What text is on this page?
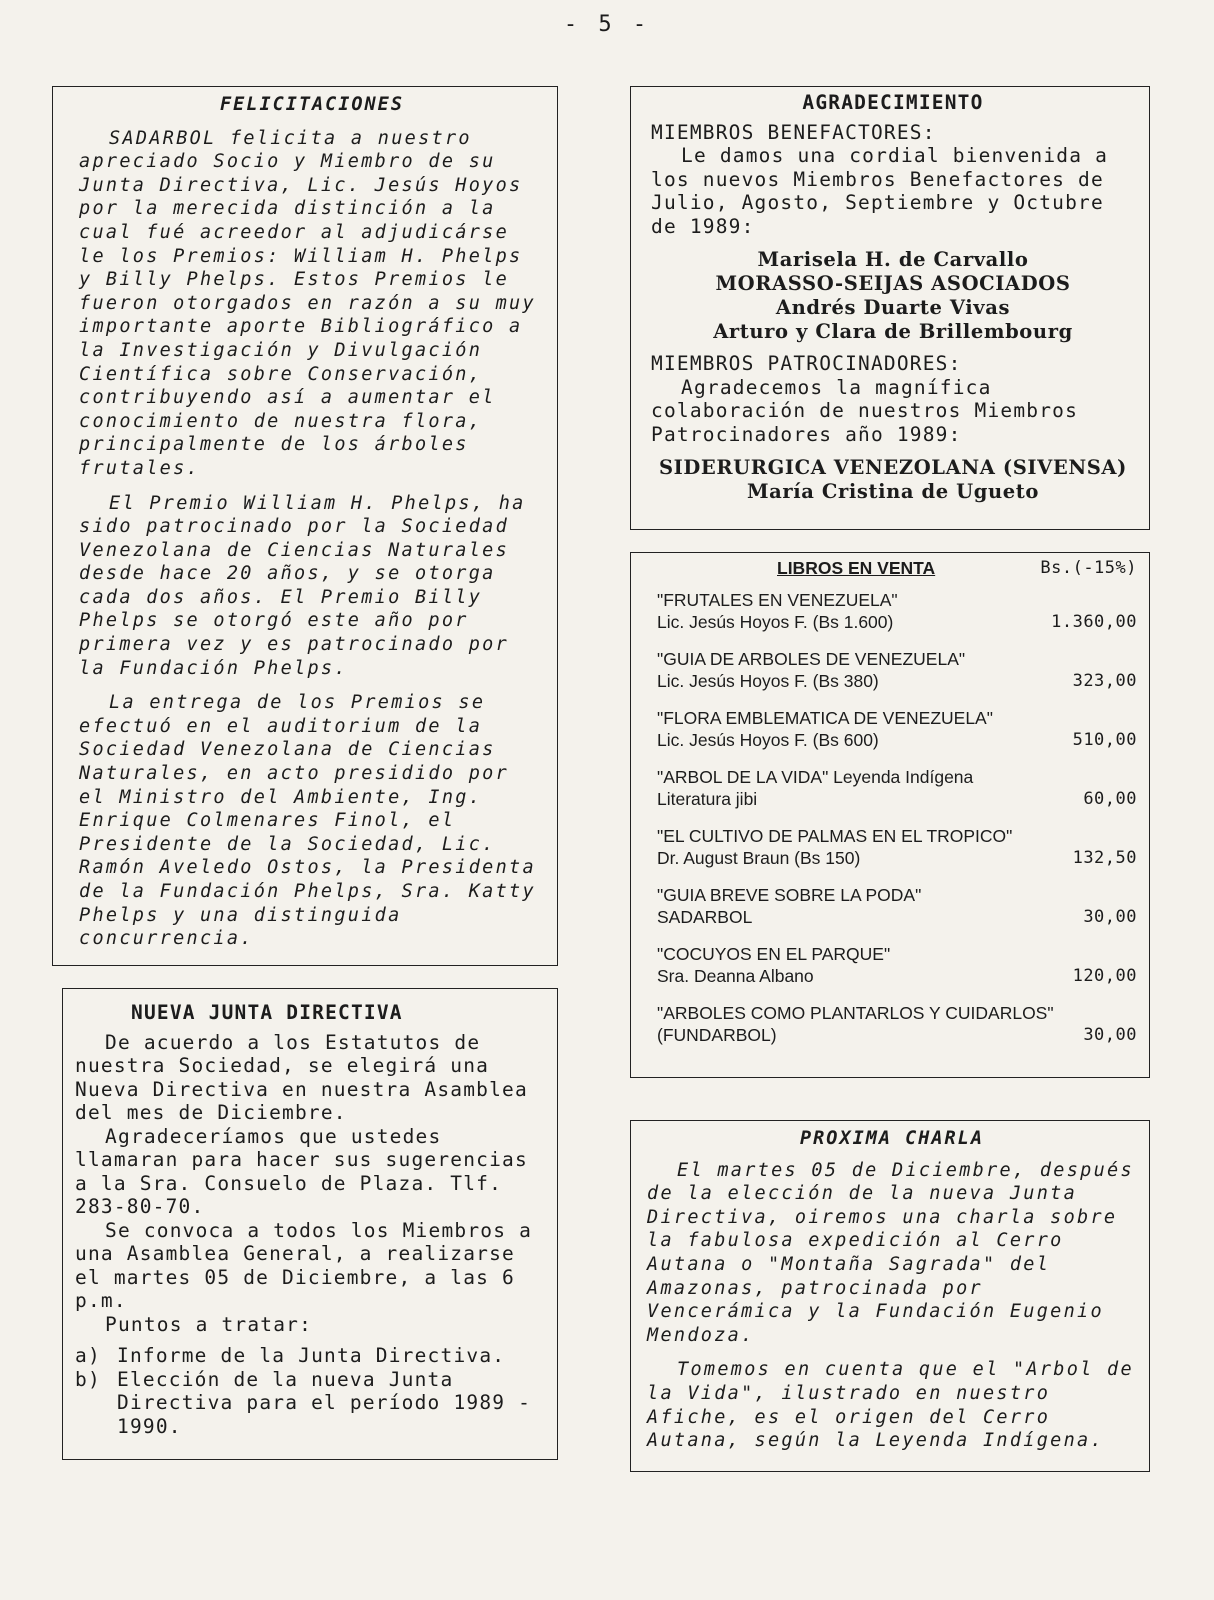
- 5 -
FELICITACIONES

SADARBOL felicita a nuestro apreciado Socio y Miembro de su Junta Directiva, Lic. Jesús Hoyos por la merecida distinción a la cual fué acreedor al adjudicárse le los Premios: William H. Phelps y Billy Phelps. Estos Premios le fueron otorgados en razón a su muy importante aporte Bibliográfico a la Investigación y Divulgación Científica sobre Conservación, contribuyendo así a aumentar el conocimiento de nuestra flora, principalmente de los árboles frutales.

El Premio William H. Phelps, ha sido patrocinado por la Sociedad Venezolana de Ciencias Naturales desde hace 20 años, y se otorga cada dos años. El Premio Billy Phelps se otorgó este año por primera vez y es patrocinado por la Fundación Phelps.

La entrega de los Premios se efectuó en el auditorium de la Sociedad Venezolana de Ciencias Naturales, en acto presidido por el Ministro del Ambiente, Ing. Enrique Colmenares Finol, el Presidente de la Sociedad, Lic. Ramón Aveledo Ostos, la Presidenta de la Fundación Phelps, Sra. Katty Phelps y una distinguida concurrencia.

NUEVA JUNTA DIRECTIVA

De acuerdo a los Estatutos de nuestra Sociedad, se elegirá una Nueva Directiva en nuestra Asamblea del mes de Diciembre.

Agradeceríamos que ustedes llamaran para hacer sus sugerencias a la Sra. Consuelo de Plaza. Tlf. 283-80-70.

Se convoca a todos los Miembros a una Asamblea General, a realizarse el martes 05 de Diciembre, a las 6 p.m.

Puntos a tratar:

a) Informe de la Junta Directiva.
b) Elección de la nueva Junta Directiva para el período 1989 - 1990.
AGRADECIMIENTO
MIEMBROS BENEFACTORES:
Le damos una cordial bienvenida a los nuevos Miembros Benefactores de Julio, Agosto, Septiembre y Octubre de 1989:
Marisela H. de Carvallo
MORASSO-SEIJAS ASOCIADOS
Andrés Duarte Vivas
Arturo y Clara de Brillembourg
MIEMBROS PATROCINADORES:
Agradecemos la magnífica colaboración de nuestros Miembros Patrocinadores año 1989:
SIDERURGICA VENEZOLANA (SIVENSA)
María Cristina de Ugueto
LIBROS EN VENTA	Bs.(-15%)
"FRUTALES EN VENEZUELA"
Lic. Jesús Hoyos F. (Bs 1.600)	1.360,00
"GUIA DE ARBOLES DE VENEZUELA"
Lic. Jesús Hoyos F. (Bs 380)	323,00
"FLORA EMBLEMATICA DE VENEZUELA"
Lic. Jesús Hoyos F. (Bs 600)	510,00
"ARBOL DE LA VIDA" Leyenda Indígena
Literatura jibi	60,00
"EL CULTIVO DE PALMAS EN EL TROPICO"
Dr. August Braun (Bs 150)	132,50
"GUIA BREVE SOBRE LA PODA"
SADARBOL	30,00
"COCUYOS EN EL PARQUE"
Sra. Deanna Albano	120,00
"ARBOLES COMO PLANTARLOS Y CUIDARLOS"
(FUNDARBOL)	30,00
PROXIMA CHARLA

El martes 05 de Diciembre, después de la elección de la nueva Junta Directiva, oiremos una charla sobre la fabulosa expedición al Cerro Autana o "Montaña Sagrada" del Amazonas, patrocinada por Vencerámica y la Fundación Eugenio Mendoza.

Tomemos en cuenta que el "Arbol de la Vida", ilustrado en nuestro Afiche, es el origen del Cerro Autana, según la Leyenda Indígena.
